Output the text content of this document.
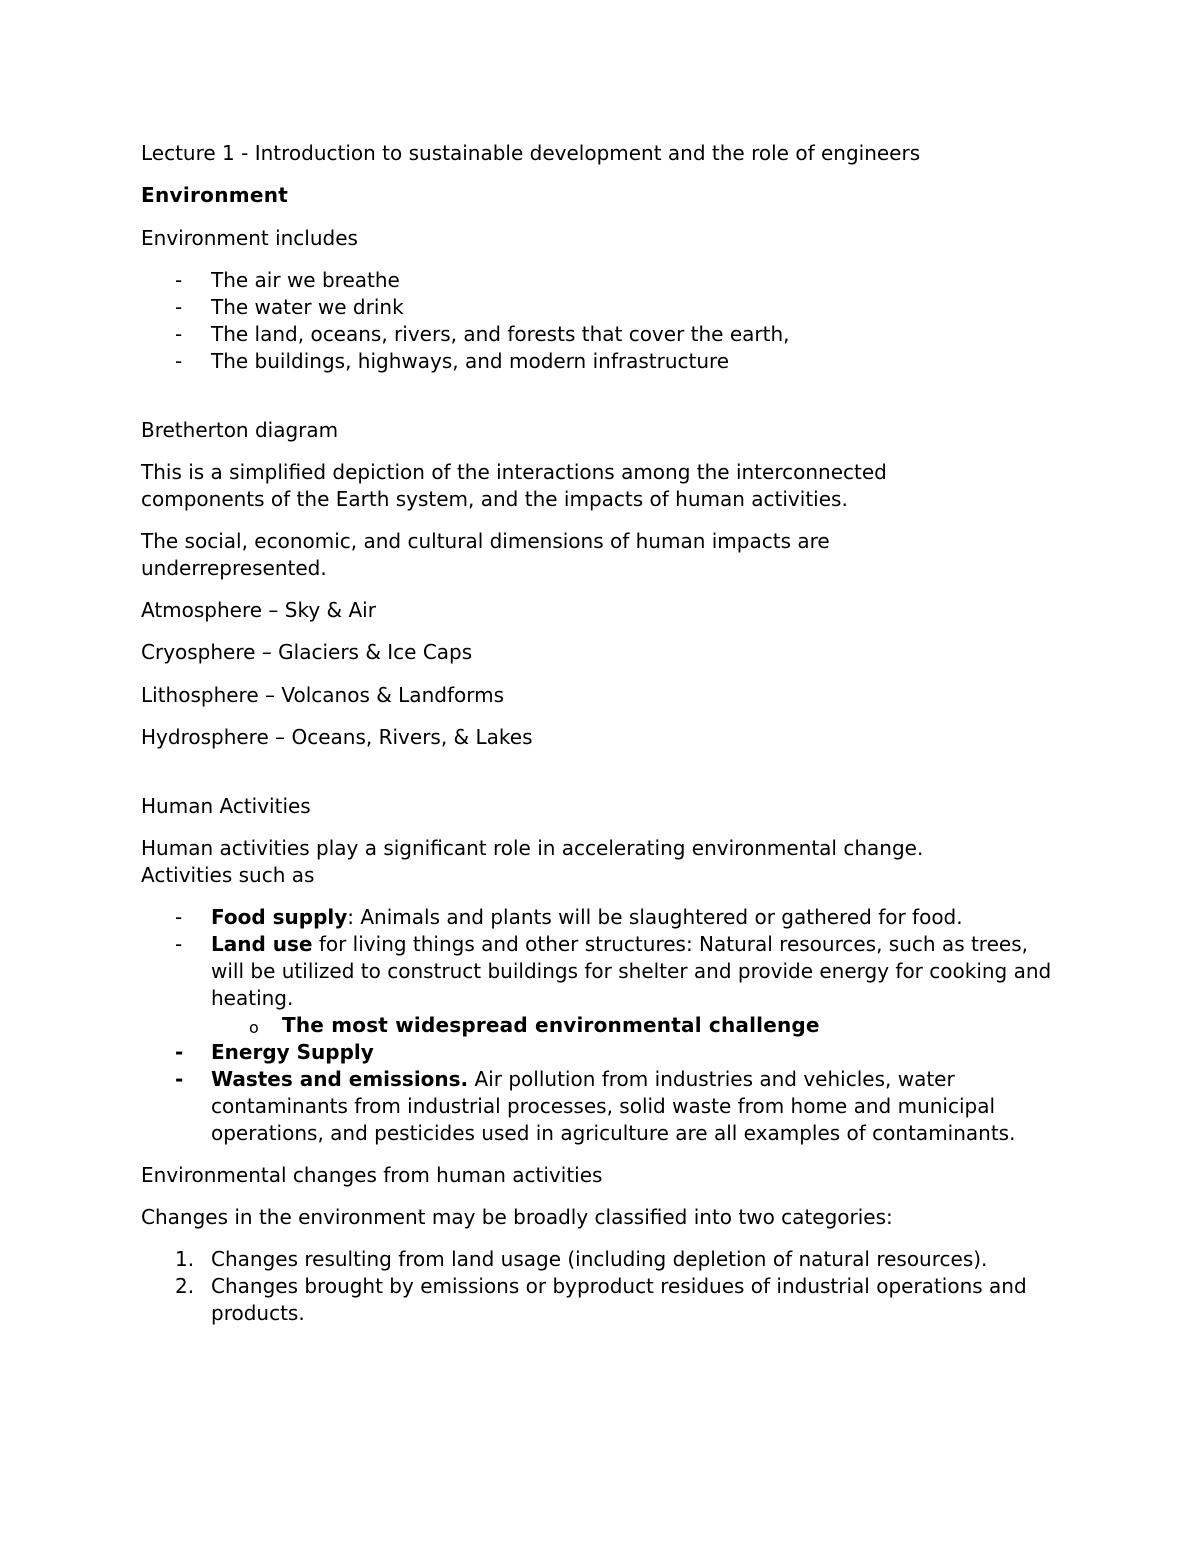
Lecture 1 - Introduction to sustainable development and the role of engineers

Environment

Environment includes

- The air we breathe
- The water we drink
- The land, oceans, rivers, and forests that cover the earth,
- The buildings, highways, and modern infrastructure

Bretherton diagram

This is a simplified depiction of the interactions among the interconnected components of the Earth system, and the impacts of human activities.

The social, economic, and cultural dimensions of human impacts are underrepresented.

Atmosphere – Sky & Air

Cryosphere – Glaciers & Ice Caps

Lithosphere – Volcanos & Landforms

Hydrosphere – Oceans, Rivers, & Lakes

Human Activities

Human activities play a significant role in accelerating environmental change. Activities such as

- Food supply: Animals and plants will be slaughtered or gathered for food.
- Land use for living things and other structures: Natural resources, such as trees, will be utilized to construct buildings for shelter and provide energy for cooking and heating.
o The most widespread environmental challenge
- Energy Supply
- Wastes and emissions. Air pollution from industries and vehicles, water contaminants from industrial processes, solid waste from home and municipal operations, and pesticides used in agriculture are all examples of contaminants.

Environmental changes from human activities

Changes in the environment may be broadly classified into two categories:

1. Changes resulting from land usage (including depletion of natural resources).
2. Changes brought by emissions or byproduct residues of industrial operations and products.
